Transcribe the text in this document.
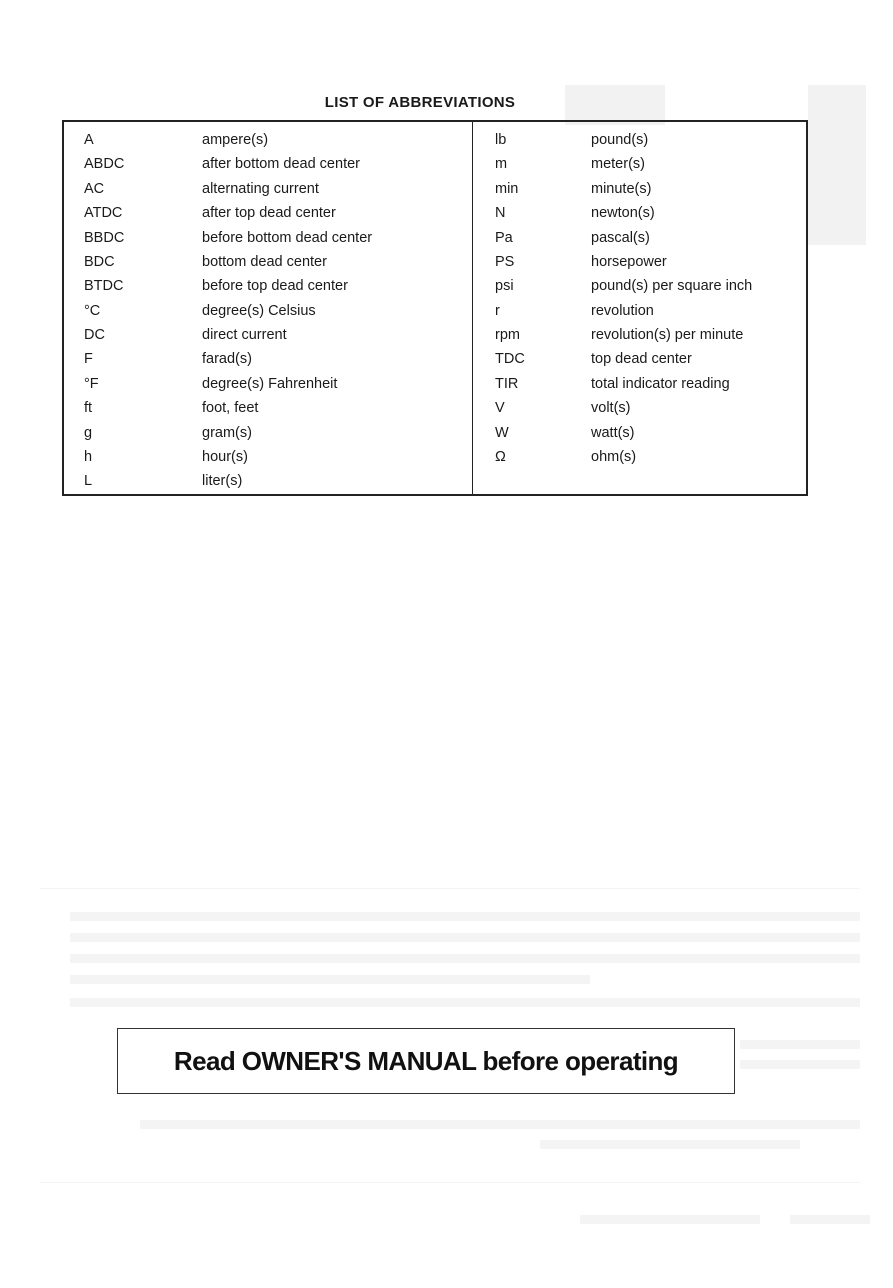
LIST OF ABBREVIATIONS
A	ampere(s)
ABDC	after bottom dead center
AC	alternating current
ATDC	after top dead center
BBDC	before bottom dead center
BDC	bottom dead center
BTDC	before top dead center
°C	degree(s) Celsius
DC	direct current
F	farad(s)
°F	degree(s) Fahrenheit
ft	foot, feet
g	gram(s)
h	hour(s)
L	liter(s)
lb	pound(s)
m	meter(s)
min	minute(s)
N	newton(s)
Pa	pascal(s)
PS	horsepower
psi	pound(s) per square inch
r	revolution
rpm	revolution(s) per minute
TDC	top dead center
TIR	total indicator reading
V	volt(s)
W	watt(s)
Ω	ohm(s)
Read OWNER'S MANUAL before operating
